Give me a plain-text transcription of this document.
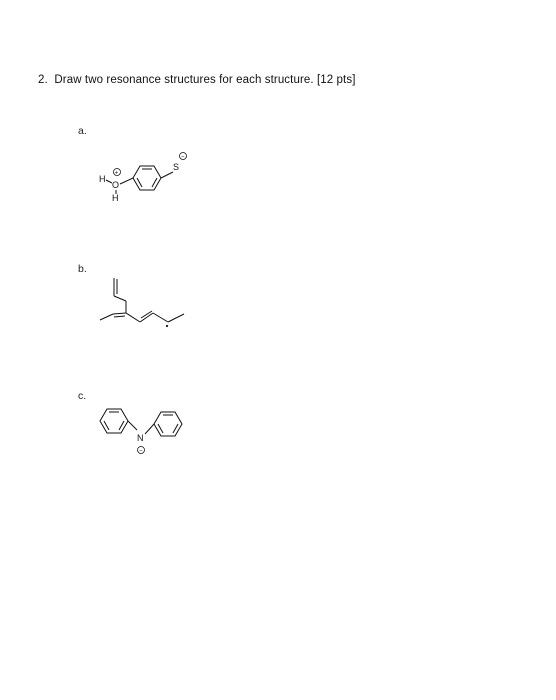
2. Draw two resonance structures for each structure. [12 pts]
a.
H
+
O
H
S
−
b.
c.
N
−
